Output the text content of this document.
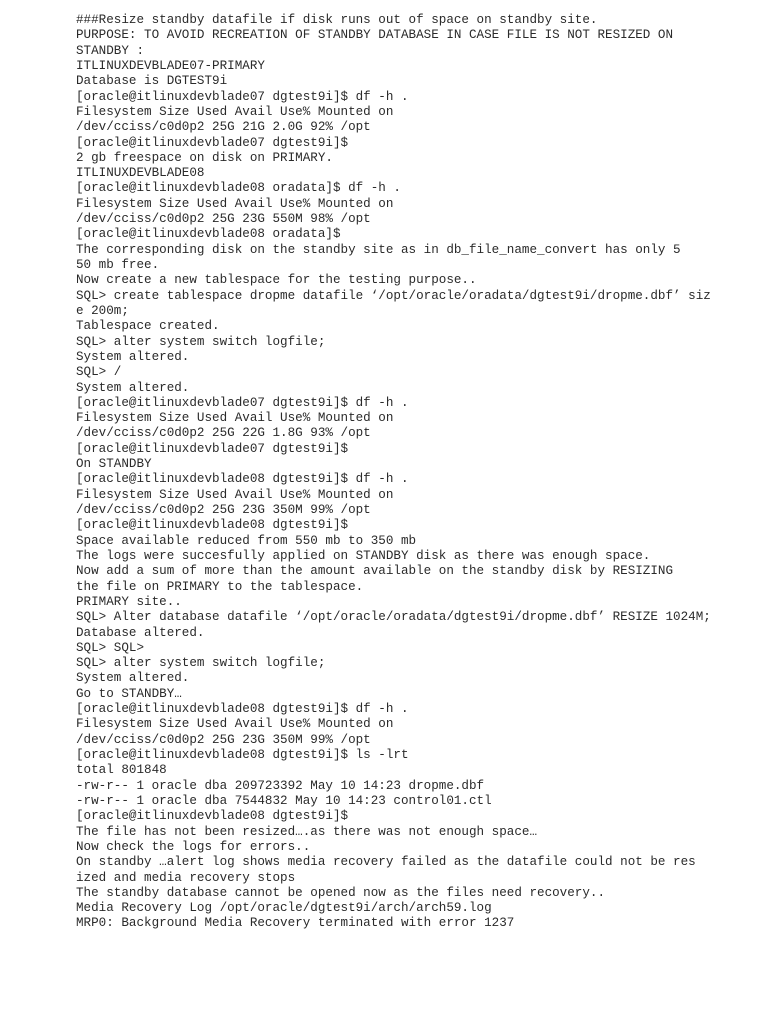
###Resize standby datafile if disk runs out of space on standby site.
PURPOSE: TO AVOID RECREATION OF STANDBY DATABASE IN CASE FILE IS NOT RESIZED ON
STANDBY :
ITLINUXDEVBLADE07-PRIMARY
Database is DGTEST9i
[oracle@itlinuxdevblade07 dgtest9i]$ df -h .
Filesystem Size Used Avail Use% Mounted on
/dev/cciss/c0d0p2 25G 21G 2.0G 92% /opt
[oracle@itlinuxdevblade07 dgtest9i]$
2 gb freespace on disk on PRIMARY.
ITLINUXDEVBLADE08
[oracle@itlinuxdevblade08 oradata]$ df -h .
Filesystem Size Used Avail Use% Mounted on
/dev/cciss/c0d0p2 25G 23G 550M 98% /opt
[oracle@itlinuxdevblade08 oradata]$
The corresponding disk on the standby site as in db_file_name_convert has only 5
50 mb free.
Now create a new tablespace for the testing purpose..
SQL> create tablespace dropme datafile ‘/opt/oracle/oradata/dgtest9i/dropme.dbf’ siz
e 200m;
Tablespace created.
SQL> alter system switch logfile;
System altered.
SQL> /
System altered.
[oracle@itlinuxdevblade07 dgtest9i]$ df -h .
Filesystem Size Used Avail Use% Mounted on
/dev/cciss/c0d0p2 25G 22G 1.8G 93% /opt
[oracle@itlinuxdevblade07 dgtest9i]$
On STANDBY
[oracle@itlinuxdevblade08 dgtest9i]$ df -h .
Filesystem Size Used Avail Use% Mounted on
/dev/cciss/c0d0p2 25G 23G 350M 99% /opt
[oracle@itlinuxdevblade08 dgtest9i]$
Space available reduced from 550 mb to 350 mb
The logs were succesfully applied on STANDBY disk as there was enough space.
Now add a sum of more than the amount available on the standby disk by RESIZING
the file on PRIMARY to the tablespace.
PRIMARY site..
SQL> Alter database datafile ‘/opt/oracle/oradata/dgtest9i/dropme.dbf’ RESIZE 1024M;
Database altered.
SQL> SQL>
SQL> alter system switch logfile;
System altered.
Go to STANDBY…
[oracle@itlinuxdevblade08 dgtest9i]$ df -h .
Filesystem Size Used Avail Use% Mounted on
/dev/cciss/c0d0p2 25G 23G 350M 99% /opt
[oracle@itlinuxdevblade08 dgtest9i]$ ls -lrt
total 801848
-rw-r-- 1 oracle dba 209723392 May 10 14:23 dropme.dbf
-rw-r-- 1 oracle dba 7544832 May 10 14:23 control01.ctl
[oracle@itlinuxdevblade08 dgtest9i]$
The file has not been resized….as there was not enough space…
Now check the logs for errors..
On standby …alert log shows media recovery failed as the datafile could not be res
ized and media recovery stops
The standby database cannot be opened now as the files need recovery..
Media Recovery Log /opt/oracle/dgtest9i/arch/arch59.log
MRP0: Background Media Recovery terminated with error 1237
